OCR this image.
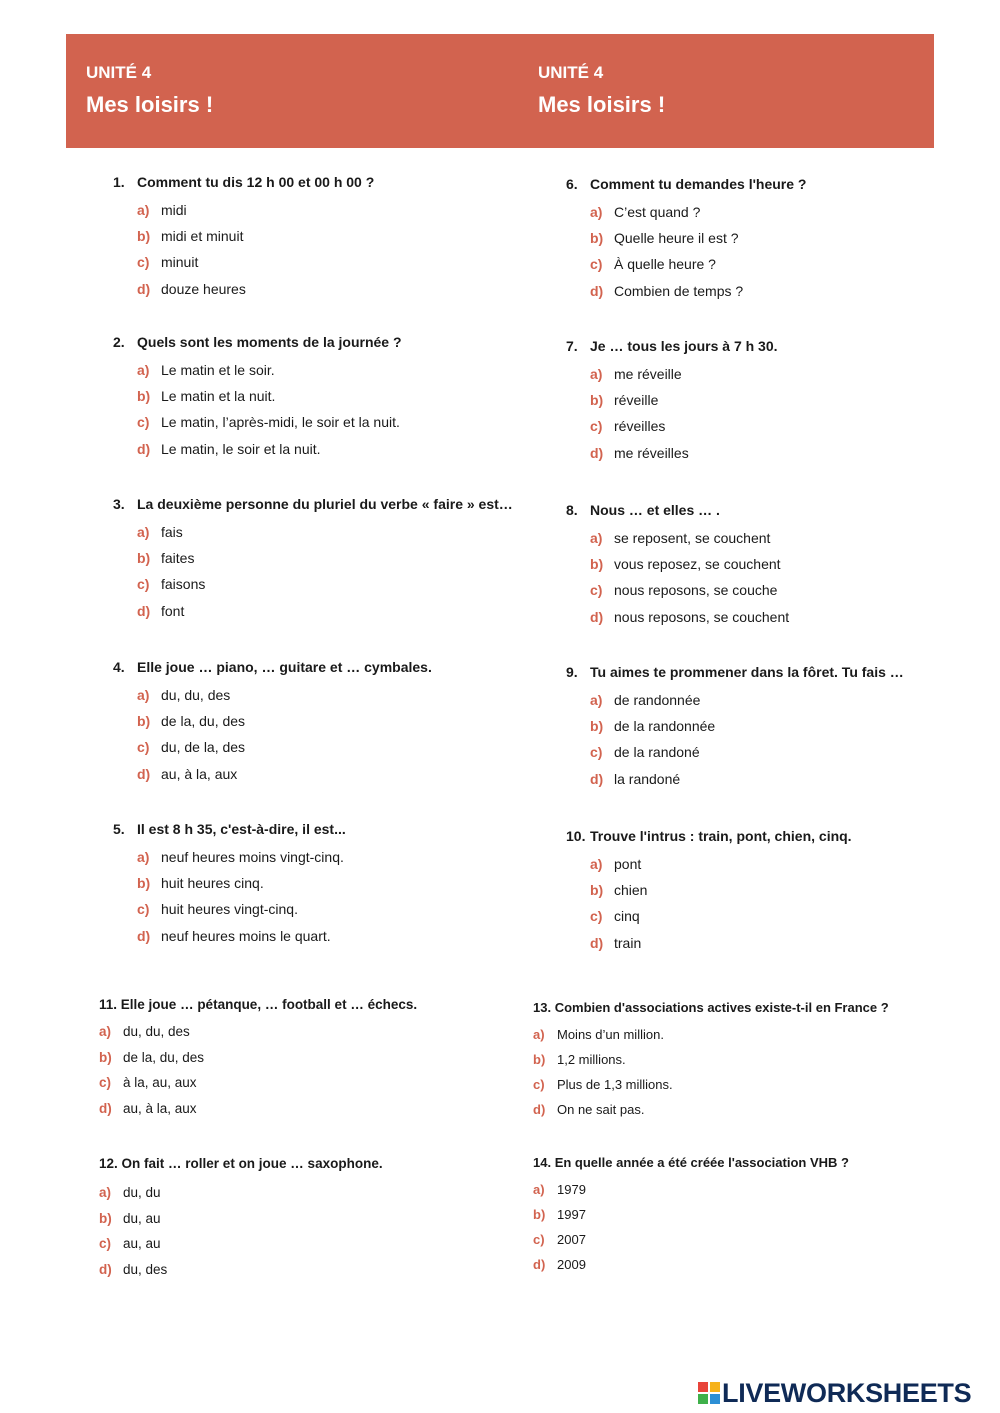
UNITÉ 4
Mes loisirs !
UNITÉ 4
Mes loisirs !

1. Comment tu dis 12 h 00 et 00 h 00 ?

a) midi
b) midi et minuit
c) minuit
d) douze heures

2. Quels sont les moments de la journée ?

a) Le matin et le soir.
b) Le matin et la nuit.
c) Le matin, l’après-midi, le soir et la nuit.
d) Le matin, le soir et la nuit.

3. La deuxième personne du pluriel du verbe « faire » est…

a) fais
b) faites
c) faisons
d) font

4. Elle joue … piano, … guitare et … cymbales.

a) du, du, des
b) de la, du, des
c) du, de la, des
d) au, à la, aux

5. Il est 8 h 35, c'est-à-dire, il est...

a) neuf heures moins vingt-cinq.
b) huit heures cinq.
c) huit heures vingt-cinq.
d) neuf heures moins le quart.

6. Comment tu demandes l'heure ?

a) C’est quand ?
b) Quelle heure il est ?
c) À quelle heure ?
d) Combien de temps ?

7. Je … tous les jours à 7 h 30.

a) me réveille
b) réveille
c) réveilles
d) me réveilles

8. Nous … et elles … .

a) se reposent, se couchent
b) vous reposez, se couchent
c) nous reposons, se couche
d) nous reposons, se couchent

9. Tu aimes te prommener dans la fôret. Tu fais …

a) de randonnée
b) de la randonnée
c) de la randoné
d) la randoné

10. Trouve l'intrus : train, pont, chien, cinq.

a) pont
b) chien
c) cinq
d) train

11. Elle joue … pétanque, … football et … échecs.

a) du, du, des
b) de la, du, des
c) à la, au, aux
d) au, à la, aux

12. On fait … roller et on joue … saxophone.

a) du, du
b) du, au
c) au, au
d) du, des

13. Combien d'associations actives existe-t-il en France ?

a) Moins d’un million.
b) 1,2 millions.
c) Plus de 1,3 millions.
d) On ne sait pas.

14. En quelle année a été créée l'association VHB ?

a) 1979
b) 1997
c) 2007
d) 2009
LIVEWORKSHEETS
